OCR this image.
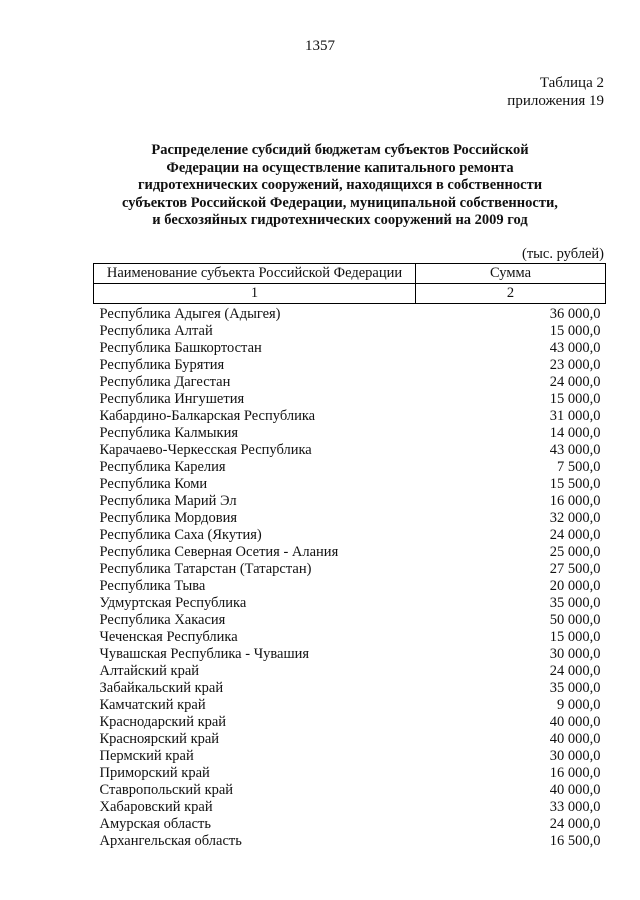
1357
Таблица 2
приложения 19
Распределение субсидий бюджетам субъектов Российской
Федерации на осуществление капитального ремонта
гидротехнических сооружений, находящихся в собственности
субъектов Российской Федерации, муниципальной собственности,
и бесхозяйных гидротехнических сооружений на 2009 год
(тыс. рублей)
Наименование субъекта Российской Федерации	Сумма
1	2
Республика Адыгея (Адыгея)	36 000,0
Республика Алтай	15 000,0
Республика Башкортостан	43 000,0
Республика Бурятия	23 000,0
Республика Дагестан	24 000,0
Республика Ингушетия	15 000,0
Кабардино-Балкарская Республика	31 000,0
Республика Калмыкия	14 000,0
Карачаево-Черкесская Республика	43 000,0
Республика Карелия	7 500,0
Республика Коми	15 500,0
Республика Марий Эл	16 000,0
Республика Мордовия	32 000,0
Республика Саха (Якутия)	24 000,0
Республика Северная Осетия - Алания	25 000,0
Республика Татарстан (Татарстан)	27 500,0
Республика Тыва	20 000,0
Удмуртская Республика	35 000,0
Республика Хакасия	50 000,0
Чеченская Республика	15 000,0
Чувашская Республика - Чувашия	30 000,0
Алтайский край	24 000,0
Забайкальский край	35 000,0
Камчатский край	9 000,0
Краснодарский край	40 000,0
Красноярский край	40 000,0
Пермский край	30 000,0
Приморский край	16 000,0
Ставропольский край	40 000,0
Хабаровский край	33 000,0
Амурская область	24 000,0
Архангельская область	16 500,0
